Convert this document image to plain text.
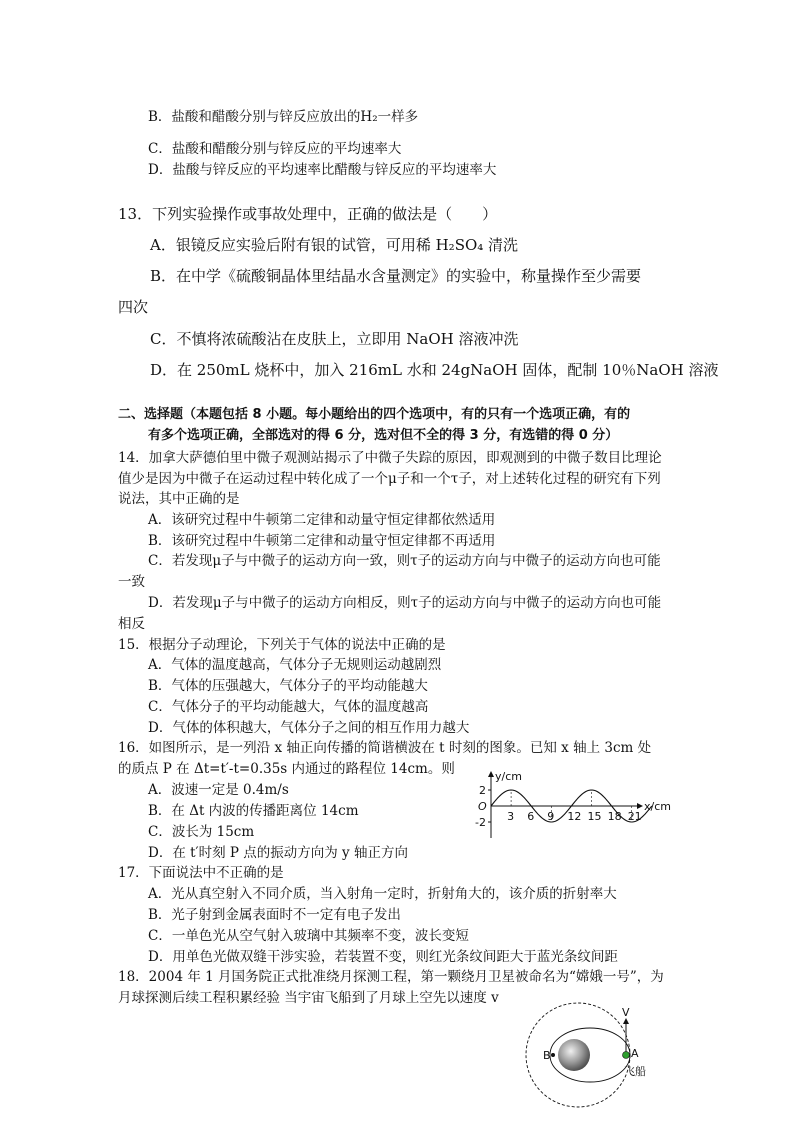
B．盐酸和醋酸分别与锌反应放出的H₂一样多
C．盐酸和醋酸分别与锌反应的平均速率大
D．盐酸与锌反应的平均速率比醋酸与锌反应的平均速率大
13．下列实验操作或事故处理中，正确的做法是（　　）
A．银镜反应实验后附有银的试管，可用稀 H₂SO₄ 清洗
B．在中学《硫酸铜晶体里结晶水含量测定》的实验中，称量操作至少需要
四次
C．不慎将浓硫酸沾在皮肤上，立即用 NaOH 溶液冲洗
D．在 250mL 烧杯中，加入 216mL 水和 24gNaOH 固体，配制 10％NaOH 溶液
二、选择题（本题包括 8 小题。每小题给出的四个选项中，有的只有一个选项正确，有的
有多个选项正确，全部选对的得 6 分，选对但不全的得 3 分，有选错的得 0 分）
14．加拿大萨德伯里中微子观测站揭示了中微子失踪的原因，即观测到的中微子数目比理论
值少是因为中微子在运动过程中转化成了一个μ子和一个τ子，对上述转化过程的研究有下列
说法，其中正确的是
A．该研究过程中牛顿第二定律和动量守恒定律都依然适用
B．该研究过程中牛顿第二定律和动量守恒定律都不再适用
C．若发现μ子与中微子的运动方向一致，则τ子的运动方向与中微子的运动方向也可能
一致
D．若发现μ子与中微子的运动方向相反，则τ子的运动方向与中微子的运动方向也可能
相反
15．根据分子动理论，下列关于气体的说法中正确的是
A．气体的温度越高，气体分子无规则运动越剧烈
B．气体的压强越大，气体分子的平均动能越大
C．气体分子的平均动能越大，气体的温度越高
D．气体的体积越大，气体分子之间的相互作用力越大
16．如图所示，是一列沿 x 轴正向传播的简谐横波在 t 时刻的图象。已知 x 轴上 3cm 处
的质点 P 在 Δt=t′-t=0.35s 内通过的路程位 14cm。则
A．波速一定是 0.4m/s
B．在 Δt 内波的传播距离位 14cm
C．波长为 15cm
D．在 t′时刻 P 点的振动方向为 y 轴正方向
y/cm
x/cm
O
2
-2 3 6 9 12 15 18 21
17．下面说法中不正确的是
A．光从真空射入不同介质，当入射角一定时，折射角大的，该介质的折射率大
B．光子射到金属表面时不一定有电子发出
C．一单色光从空气射入玻璃中其频率不变，波长变短
D．用单色光做双缝干涉实验，若装置不变，则红光条纹间距大于蓝光条纹间距
18．2004 年 1 月国务院正式批准绕月探测工程，第一颗绕月卫星被命名为“嫦娥一号”，为
月球探测后续工程积累经验 当宇宙飞船到了月球上空先以速度 v
V
A
B
飞船
